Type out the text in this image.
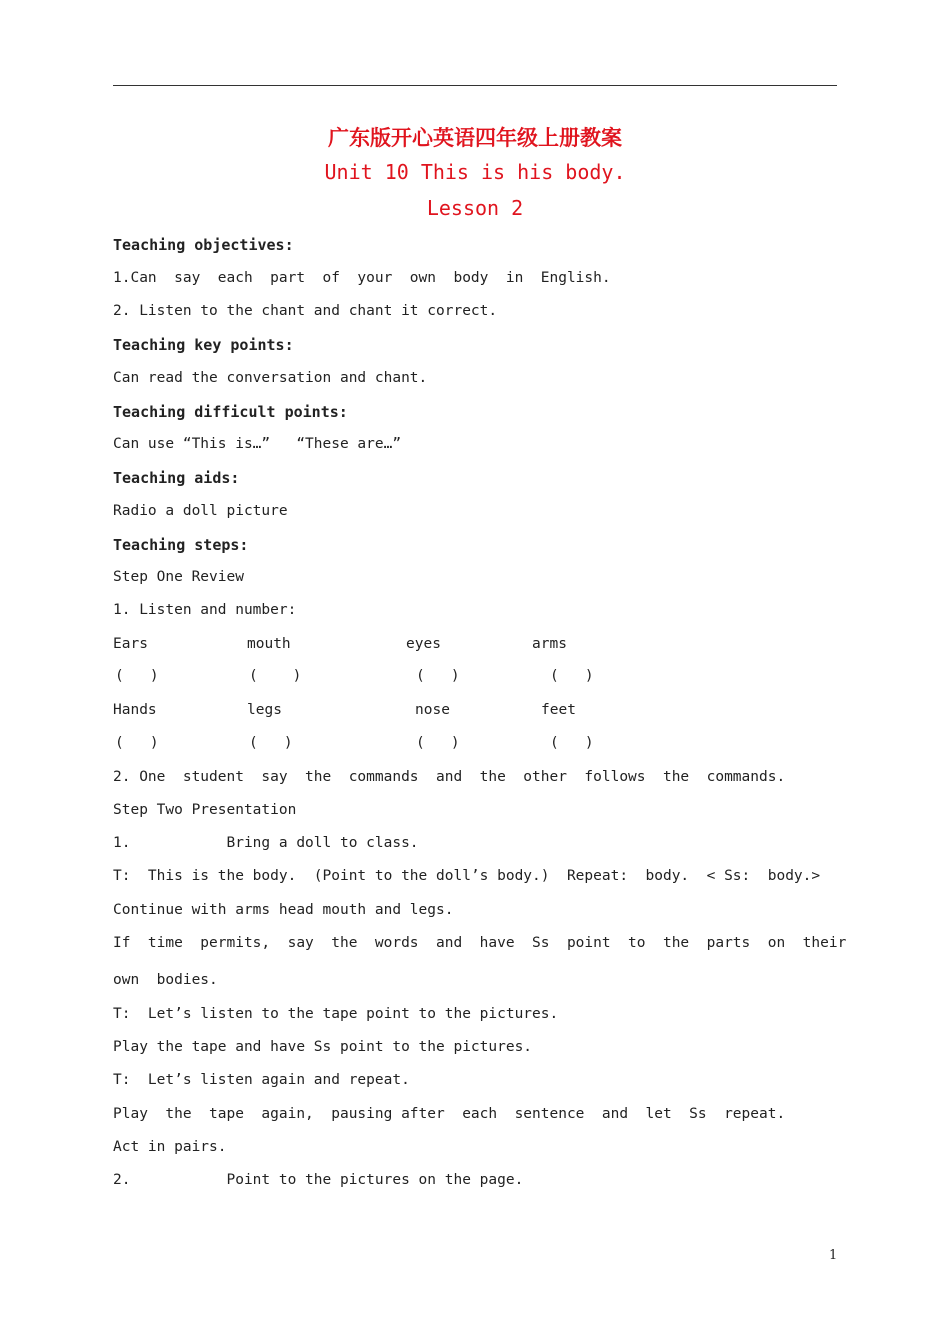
广东版开心英语四年级上册教案
Unit 10 This is his body.
Lesson 2
Teaching objectives:
1.Can  say  each  part  of  your  own  body  in  English.
2. Listen to the chant and chant it correct.
Teaching key points:
Can read the conversation and chant.
Teaching difficult points:
Can use “This is…”   “These are…”
Teaching aids:
Radio a doll picture
Teaching steps:
Step One Review
1. Listen and number:
Ears	mouth	eyes	arms
(   )	(    )	(   )	(   )
Hands	legs	nose	feet
(   )	(   )	(   )	(   )
2. One  student  say  the  commands  and  the  other  follows  the  commands.
Step Two Presentation
1.           Bring a doll to class.
T:  This is the body.  (Point to the doll’s body.)  Repeat:  body.  < Ss:  body.>
Continue with arms head mouth and legs.
If  time  permits,  say  the  words  and  have  Ss  point  to  the  parts  on  their
own  bodies.
T:  Let’s listen to the tape point to the pictures.
Play the tape and have Ss point to the pictures.
T:  Let’s listen again and repeat.
Play  the  tape  again,  pausing after  each  sentence  and  let  Ss  repeat.
Act in pairs.
2.           Point to the pictures on the page.
1
